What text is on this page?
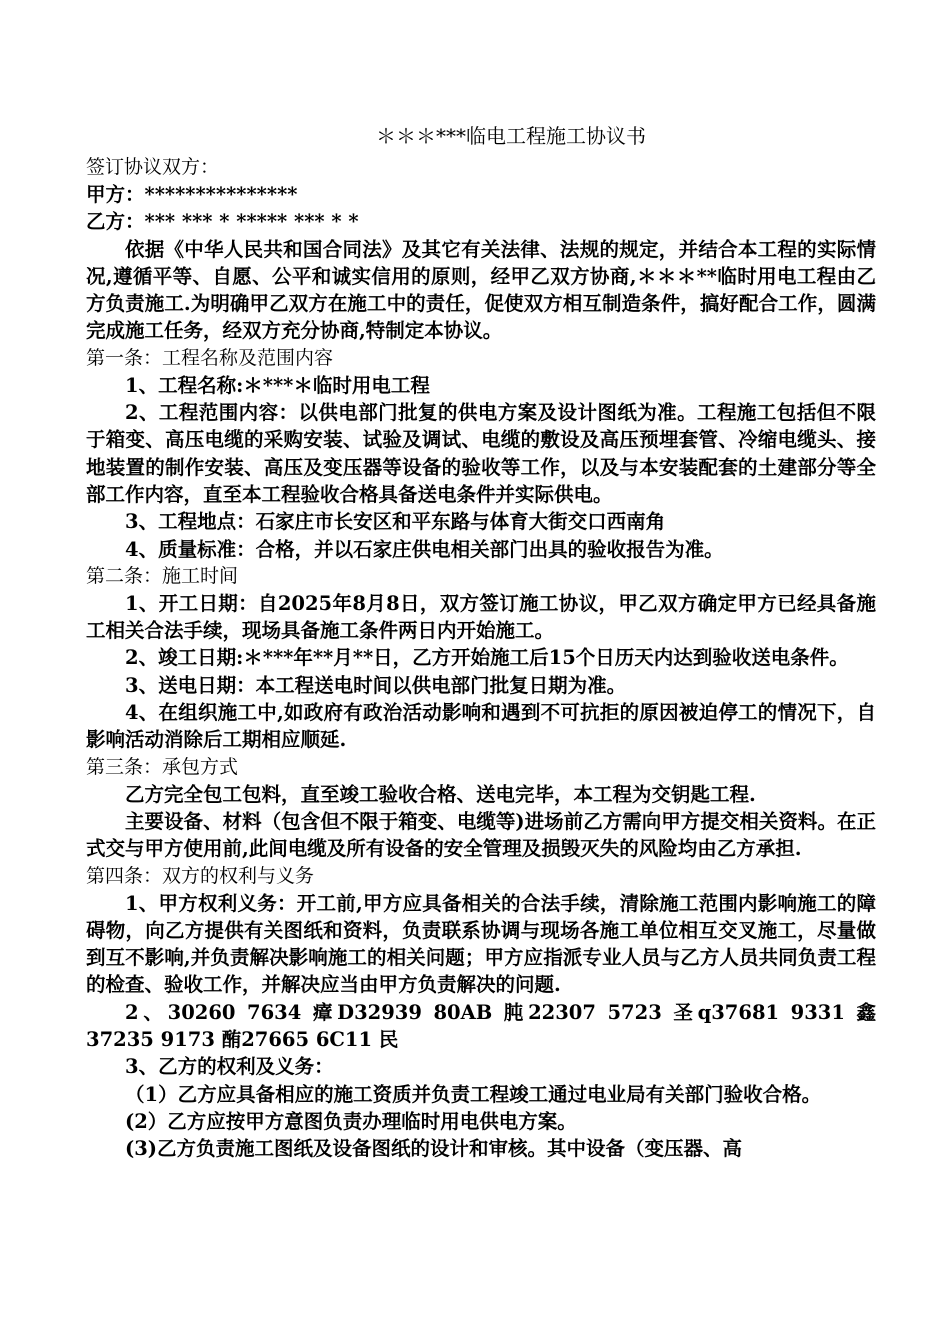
＊＊＊***临电工程施工协议书

签订协议双方：

甲方：***************

乙方：*** *** * ***** *** * *

依据《中华人民共和国合同法》及其它有关法律、法规的规定，并结合本工程的实际情况,遵循平等、自愿、公平和诚实信用的原则，经甲乙双方协商,＊＊＊**临时用电工程由乙方负责施工.为明确甲乙双方在施工中的责任，促使双方相互制造条件，搞好配合工作，圆满完成施工任务，经双方充分协商,特制定本协议。

第一条：工程名称及范围内容

1、工程名称:＊***＊临时用电工程

2、工程范围内容：以供电部门批复的供电方案及设计图纸为准。工程施工包括但不限于箱变、高压电缆的采购安装、试验及调试、电缆的敷设及高压预埋套管、冷缩电缆头、接地装置的制作安装、高压及变压器等设备的验收等工作，以及与本安装配套的土建部分等全部工作内容，直至本工程验收合格具备送电条件并实际供电。

3、工程地点：石家庄市长安区和平东路与体育大街交口西南角

4、质量标准：合格，并以石家庄供电相关部门出具的验收报告为准。

第二条：施工时间

1、开工日期：自2025年8月8日，双方签订施工协议，甲乙双方确定甲方已经具备施工相关合法手续，现场具备施工条件两日内开始施工。

2、竣工日期:＊***年**月**日，乙方开始施工后15个日历天内达到验收送电条件。

3、送电日期：本工程送电时间以供电部门批复日期为准。

4、在组织施工中,如政府有政治活动影响和遇到不可抗拒的原因被迫停工的情况下，自影响活动消除后工期相应顺延.

第三条：承包方式

乙方完全包工包料，直至竣工验收合格、送电完毕，本工程为交钥匙工程.

主要设备、材料（包含但不限于箱变、电缆等)进场前乙方需向甲方提交相关资料。在正式交与甲方使用前,此间电缆及所有设备的安全管理及损毁灭失的风险均由乙方承担.

第四条：双方的权利与义务

1、甲方权利义务：开工前,甲方应具备相关的合法手续，清除施工范围内影响施工的障碍物，向乙方提供有关图纸和资料，负责联系协调与现场各施工单位相互交叉施工，尽量做到互不影响,并负责解决影响施工的相关问题；甲方应指派专业人员与乙方人员共同负责工程的检查、验收工作，并解决应当由甲方负责解决的问题.

2、30260 7634 瘴D32939 80AB 肫22307 5723 圣q37681 9331 鑫37235 9173 酭27665 6C11 民

3、乙方的权利及义务：

（1）乙方应具备相应的施工资质并负责工程竣工通过电业局有关部门验收合格。

(2）乙方应按甲方意图负责办理临时用电供电方案。

(3)乙方负责施工图纸及设备图纸的设计和审核。其中设备（变压器、高
